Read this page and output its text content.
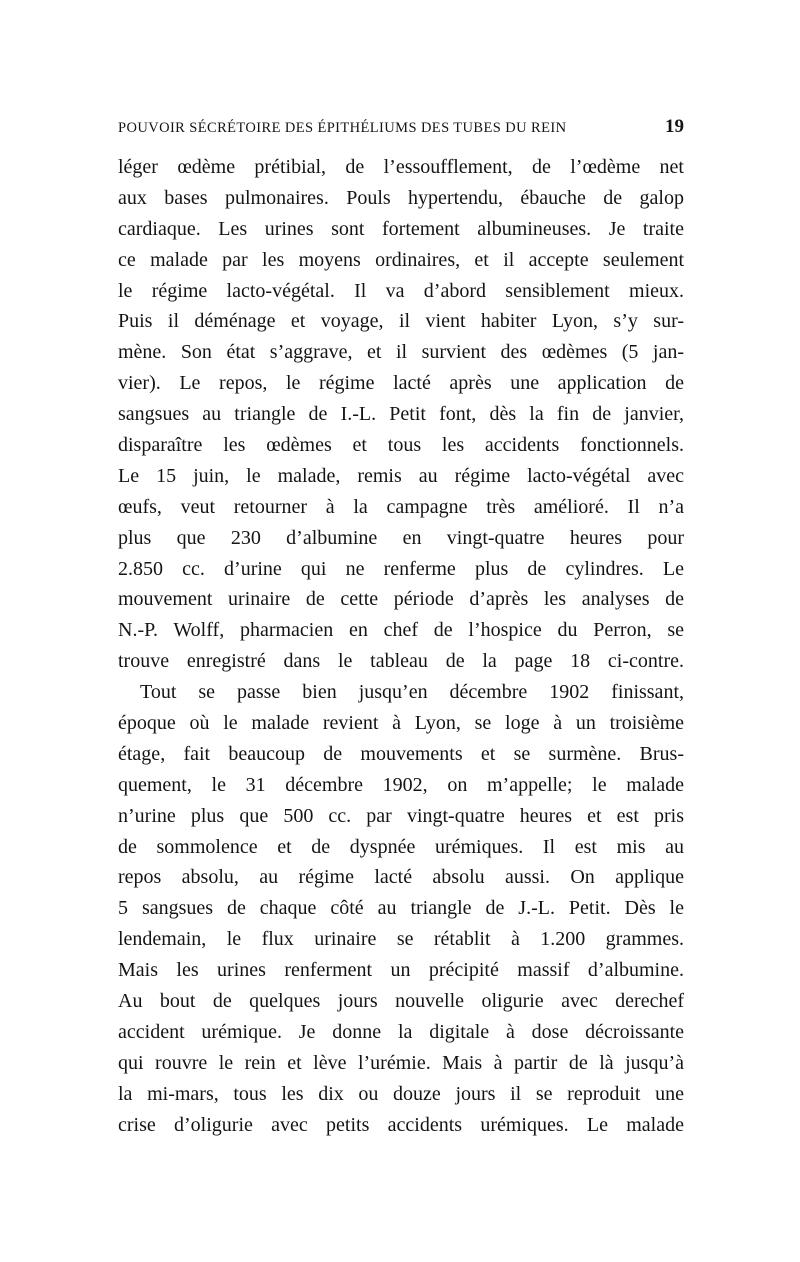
POUVOIR SÉCRÉTOIRE DES ÉPITHÉLIUMS DES TUBES DU REIN	19
léger œdème prétibial, de l’essoufflement, de l’œdème net
aux bases pulmonaires. Pouls hypertendu, ébauche de galop
cardiaque. Les urines sont fortement albumineuses. Je traite
ce malade par les moyens ordinaires, et il accepte seulement
le régime lacto-végétal. Il va d’abord sensiblement mieux.
Puis il déménage et voyage, il vient habiter Lyon, s’y sur-
mène. Son état s’aggrave, et il survient des œdèmes (5 jan-
vier). Le repos, le régime lacté après une application de
sangsues au triangle de I.-L. Petit font, dès la fin de janvier,
disparaître les œdèmes et tous les accidents fonctionnels.
Le 15 juin, le malade, remis au régime lacto-végétal avec
œufs, veut retourner à la campagne très amélioré. Il n’a
plus que 230 d’albumine en vingt-quatre heures pour
2.850 cc. d’urine qui ne renferme plus de cylindres. Le
mouvement urinaire de cette période d’après les analyses de
N.-P. Wolff, pharmacien en chef de l’hospice du Perron, se
trouve enregistré dans le tableau de la page 18 ci-contre.
Tout se passe bien jusqu’en décembre 1902 finissant,
époque où le malade revient à Lyon, se loge à un troisième
étage, fait beaucoup de mouvements et se surmène. Brus-
quement, le 31 décembre 1902, on m’appelle; le malade
n’urine plus que 500 cc. par vingt-quatre heures et est pris
de sommolence et de dyspnée urémiques. Il est mis au
repos absolu, au régime lacté absolu aussi. On applique
5 sangsues de chaque côté au triangle de J.-L. Petit. Dès le
lendemain, le flux urinaire se rétablit à 1.200 grammes.
Mais les urines renferment un précipité massif d’albumine.
Au bout de quelques jours nouvelle oligurie avec derechef
accident urémique. Je donne la digitale à dose décroissante
qui rouvre le rein et lève l’urémie. Mais à partir de là jusqu’à
la mi-mars, tous les dix ou douze jours il se reproduit une
crise d’oligurie avec petits accidents urémiques. Le malade
